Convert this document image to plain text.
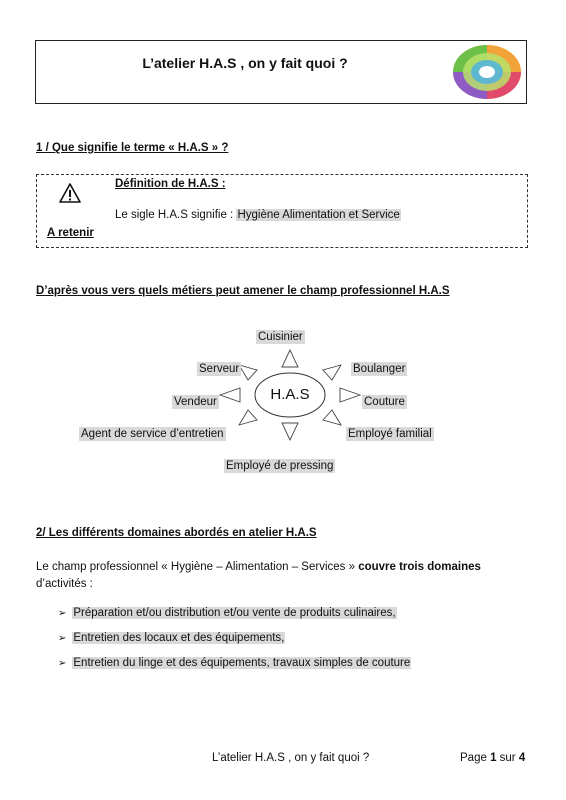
L’atelier H.A.S , on y fait quoi ?
1 / Que signifie le terme « H.A.S » ?
Définition de H.A.S :
Le sigle H.A.S signifie : Hygiène Alimentation et Service
A retenir
D’après vous vers quels métiers peut amener le champ professionnel H.A.S
H.A.S
Cuisinier
Serveur	Boulanger
Vendeur	Couture
Agent de service d’entretien	Employé familial
Employé de pressing
2/ Les différents domaines abordés en atelier H.A.S
Le champ professionnel « Hygiène – Alimentation – Services » couvre trois domaines
d’activités :
➢ Préparation et/ou distribution et/ou vente de produits culinaires,
➢ Entretien des locaux et des équipements,
➢ Entretien du linge et des équipements, travaux simples de couture
L’atelier H.A.S , on y fait quoi ?	Page 1 sur 4
